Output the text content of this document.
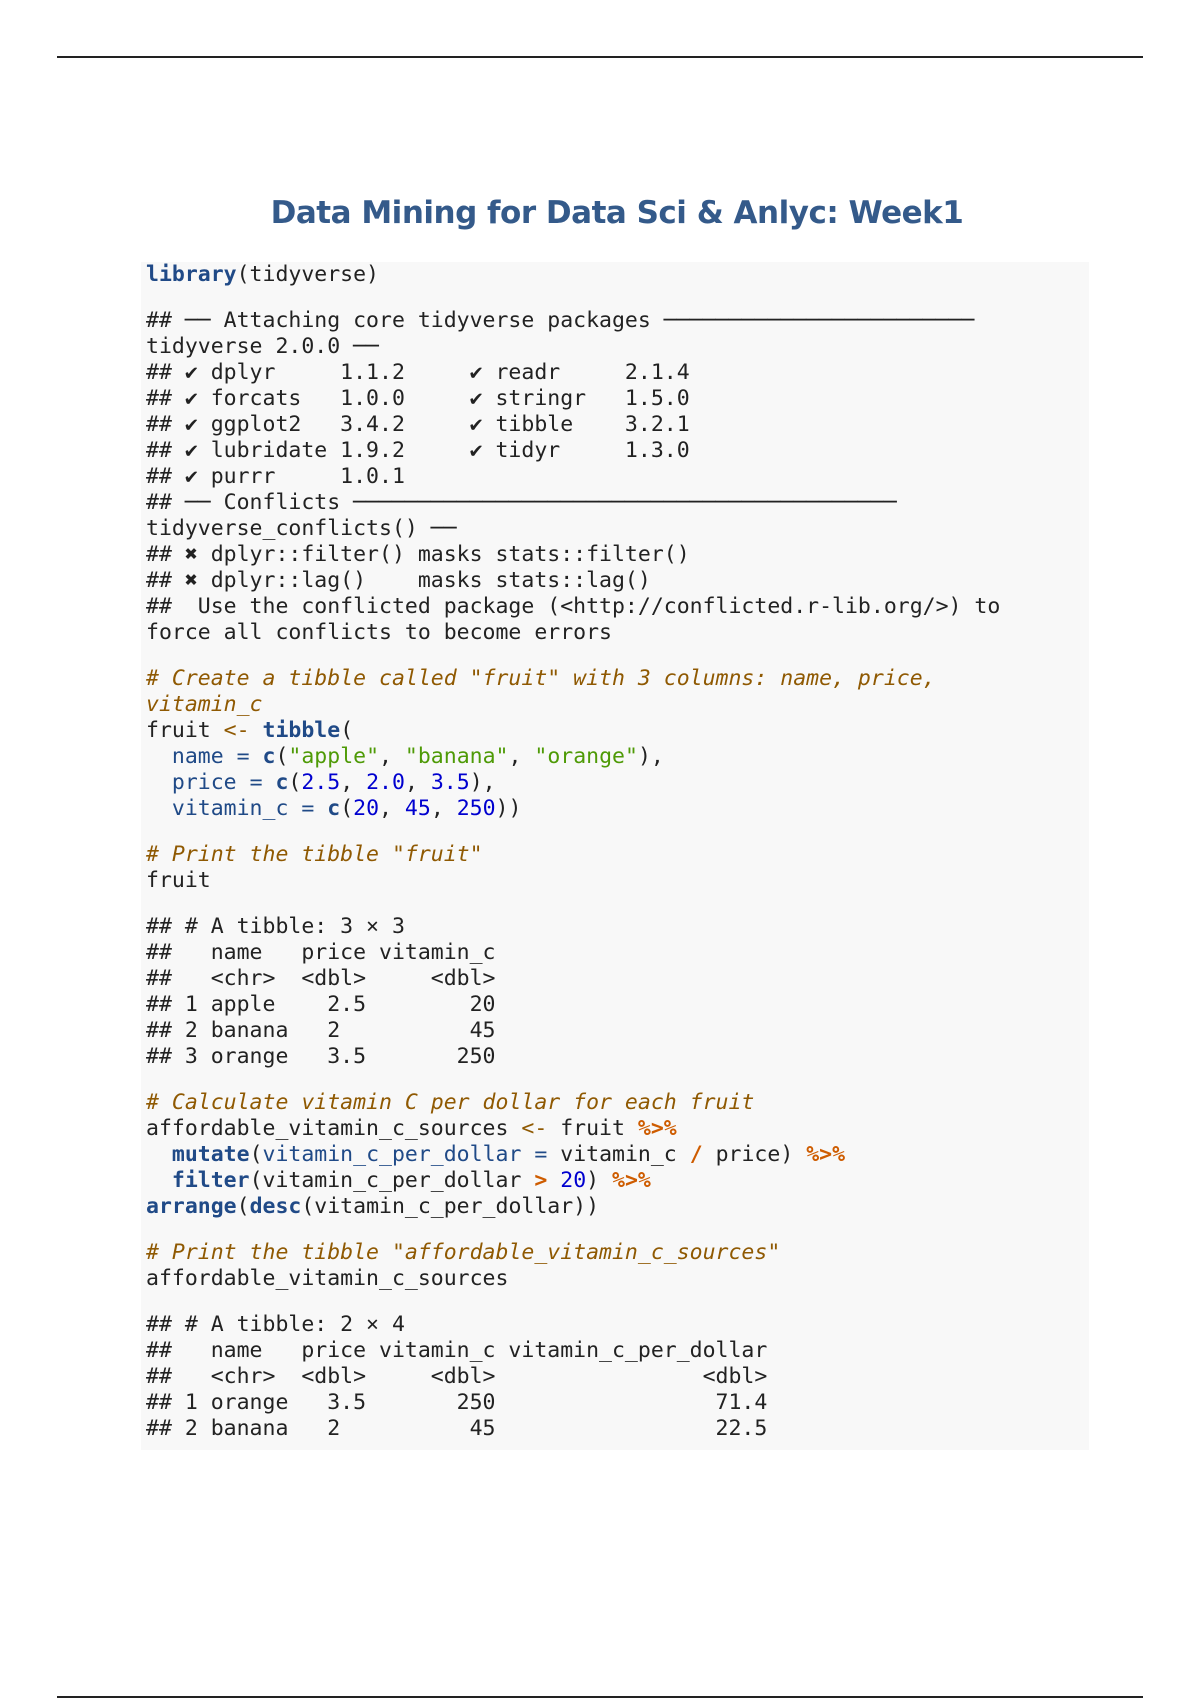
Data Mining for Data Sci & Anlyc: Week1
library(tidyverse)
## ── Attaching core tidyverse packages ────────────────────────
tidyverse 2.0.0 ──
## ✔ dplyr     1.1.2     ✔ readr     2.1.4
## ✔ forcats   1.0.0     ✔ stringr   1.5.0
## ✔ ggplot2   3.4.2     ✔ tibble    3.2.1
## ✔ lubridate 1.9.2     ✔ tidyr     1.3.0
## ✔ purrr     1.0.1
## ── Conflicts ──────────────────────────────────────────
tidyverse_conflicts() ──
## ✖ dplyr::filter() masks stats::filter()
## ✖ dplyr::lag()    masks stats::lag()
##  Use the conflicted package (<http://conflicted.r-lib.org/>) to
force all conflicts to become errors
# Create a tibble called "fruit" with 3 columns: name, price,
vitamin_c
fruit <- tibble(
name = c("apple", "banana", "orange"),
price = c(2.5, 2.0, 3.5),
vitamin_c = c(20, 45, 250))
# Print the tibble "fruit"
fruit
## # A tibble: 3 × 3
##   name   price vitamin_c
##   <chr>  <dbl>     <dbl>
## 1 apple    2.5        20
## 2 banana   2          45
## 3 orange   3.5       250
# Calculate vitamin C per dollar for each fruit
affordable_vitamin_c_sources <- fruit %>%
mutate(vitamin_c_per_dollar = vitamin_c / price) %>%
filter(vitamin_c_per_dollar > 20) %>%
arrange(desc(vitamin_c_per_dollar))
# Print the tibble "affordable_vitamin_c_sources"
affordable_vitamin_c_sources
## # A tibble: 2 × 4
##   name   price vitamin_c vitamin_c_per_dollar
##   <chr>  <dbl>     <dbl>                <dbl>
## 1 orange   3.5       250                 71.4
## 2 banana   2          45                 22.5
